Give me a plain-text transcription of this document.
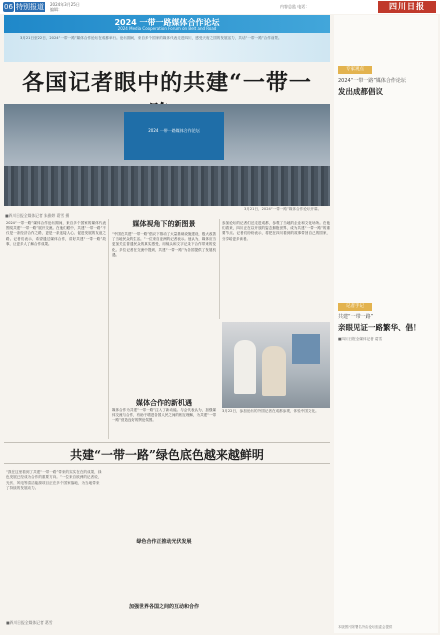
06 特别报道 2024年3月25日
编辑：
内容总监 电话：	四川日报
2024 一带一路媒体合作论坛
2024 Media Cooperation Forum on Belt and Road
3月21日至22日，2024“一带一路”媒体合作论坛在成都举行。论坛期间，来自多个国家的媒体代表走进四川，感受天府之国的发展活力，共话“一带一路”合作前景。
各国记者眼中的共建“一带一
2024 一带一路媒体合作论坛
3月21日，2024“一带一路”媒体合作论坛开幕。
■四川日报全媒体记者 朱雅婷 葛雪 摄
2024“一带一路”媒体合作论坛期间，来自多个国家的媒体代表围绕共建“一带一路”展开交流。在他们眼中，共建“一带一路”不仅是一条经济合作之路，更是一条连接人心、促进发展的友谊之路。记者们表示，希望通过媒体合作，讲好共建“一带一路”故事，让更多人了解合作成果。
媒体视角下的新图景
“中国在共建“一带一路”倡议下推动了大量基础设施建设，极大改善了当地民众的生活。”一位来自亚洲的记者表示。他认为，媒体应当更加关注普通民众的真实感受，用镜头和文字记录下合作带来的变化。多位记者在交流中提到，共建“一带一路”为各国提供了发展机遇。
媒体合作的新机遇
媒体合作为共建“一带一路”注入了新动能。与会代表认为，加强媒体交流与合作，有助于增进各国人民之间的相互理解，为共建“一带一路”营造良好的舆论氛围。
参加论坛的记者们还走进成都，参观了当地的企业和文化场所。在他们看来，四川正在以开放的姿态拥抱世界，成为共建“一带一路”的重要节点。记者们纷纷表示，将把在四川看到的故事带回自己的国家，分享给更多读者。
3月22日，参加论坛的外国记者在成都参观，体验中国文化。
共建“一带一路”绿色底色越来越鲜明
“我在这里看到了共建“一带一路”带来的实实在在的成果，绿色发展已经成为合作的重要方向。”一位来自欧洲的记者说，光伏、风电等清洁能源项目正在多个国家落地，为当地带来了持续的发展动力。
■四川日报全媒体记者 葛雪
绿色合作正推动光伏发展
加强世界各国之间的互动和合作
专家观点
2024“一带一路”媒体合作论坛
发出成都倡议
记者手记
共建“一带一路”
亲眼见证一路繁华、倡！
■四川日报全媒体记者 葛雪
本版图片除署名外由论坛组委会提供
